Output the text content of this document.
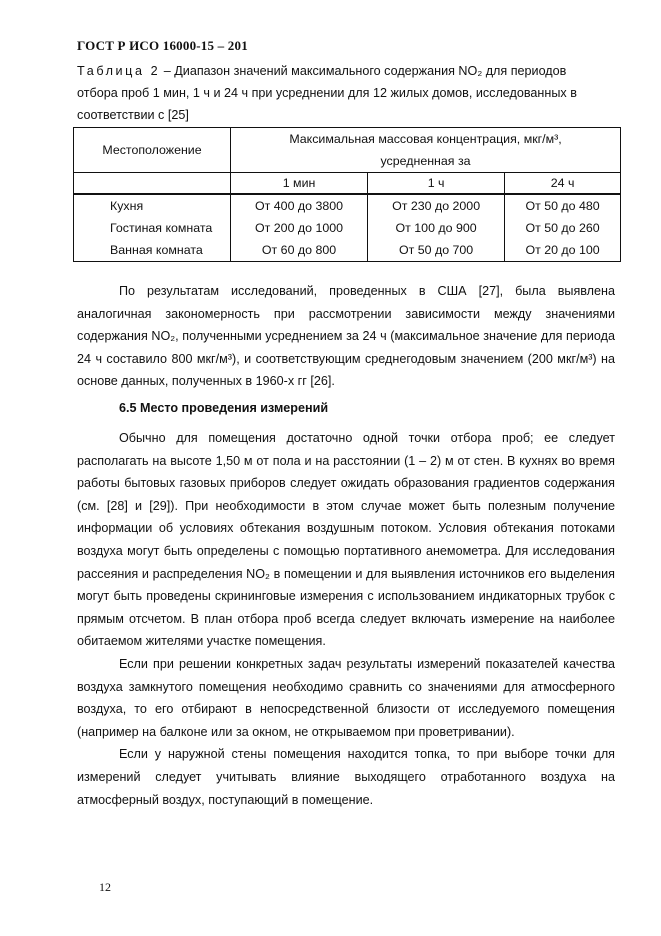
ГОСТ Р ИСО 16000-15 – 201
Таблица 2 – Диапазон значений максимального содержания NO₂ для периодов отбора проб 1 мин, 1 ч и 24 ч при усреднении для 12 жилых домов, исследованных в соответствии с [25]
Местоположение	Максимальная массовая концентрация, мкг/м³,		
	усредненная за		
	1 мин	1 ч	24 ч
Кухня	От 400 до 3800	От 230 до 2000	От 50 до 480
Гостиная комната	От 200 до 1000	От 100 до 900	От 50 до 260
Ванная комната	От 60 до 800	От 50 до 700	От 20 до 100

По результатам исследований, проведенных в США [27], была выявлена аналогичная закономерность при рассмотрении зависимости между значениями содержания NO₂, полученными усреднением за 24 ч (максимальное значение для периода 24 ч составило 800 мкг/м³), и соответствующим среднегодовым значением (200 мкг/м³) на основе данных, полученных в 1960-х гг [26].

6.5 Место проведения измерений

Обычно для помещения достаточно одной точки отбора проб; ее следует располагать на высоте 1,50 м от пола и на расстоянии (1 – 2) м от стен. В кухнях во время работы бытовых газовых приборов следует ожидать образования градиентов содержания (см. [28] и [29]). При необходимости в этом случае может быть полезным получение информации об условиях обтекания воздушным потоком. Условия обтекания потоками воздуха могут быть определены с помощью портативного анемометра. Для исследования рассеяния и распределения NO₂ в помещении и для выявления источников его выделения могут быть проведены скрининговые измерения с использованием индикаторных трубок с прямым отсчетом. В план отбора проб всегда следует включать измерение на наиболее обитаемом жителями участке помещения.

Если при решении конкретных задач результаты измерений показателей качества воздуха замкнутого помещения необходимо сравнить со значениями для атмосферного воздуха, то его отбирают в непосредственной близости от исследуемого помещения (например на балконе или за окном, не открываемом при проветривании).

Если у наружной стены помещения находится топка, то при выборе точки для измерений следует учитывать влияние выходящего отработанного воздуха на атмосферный воздух, поступающий в помещение.

12
